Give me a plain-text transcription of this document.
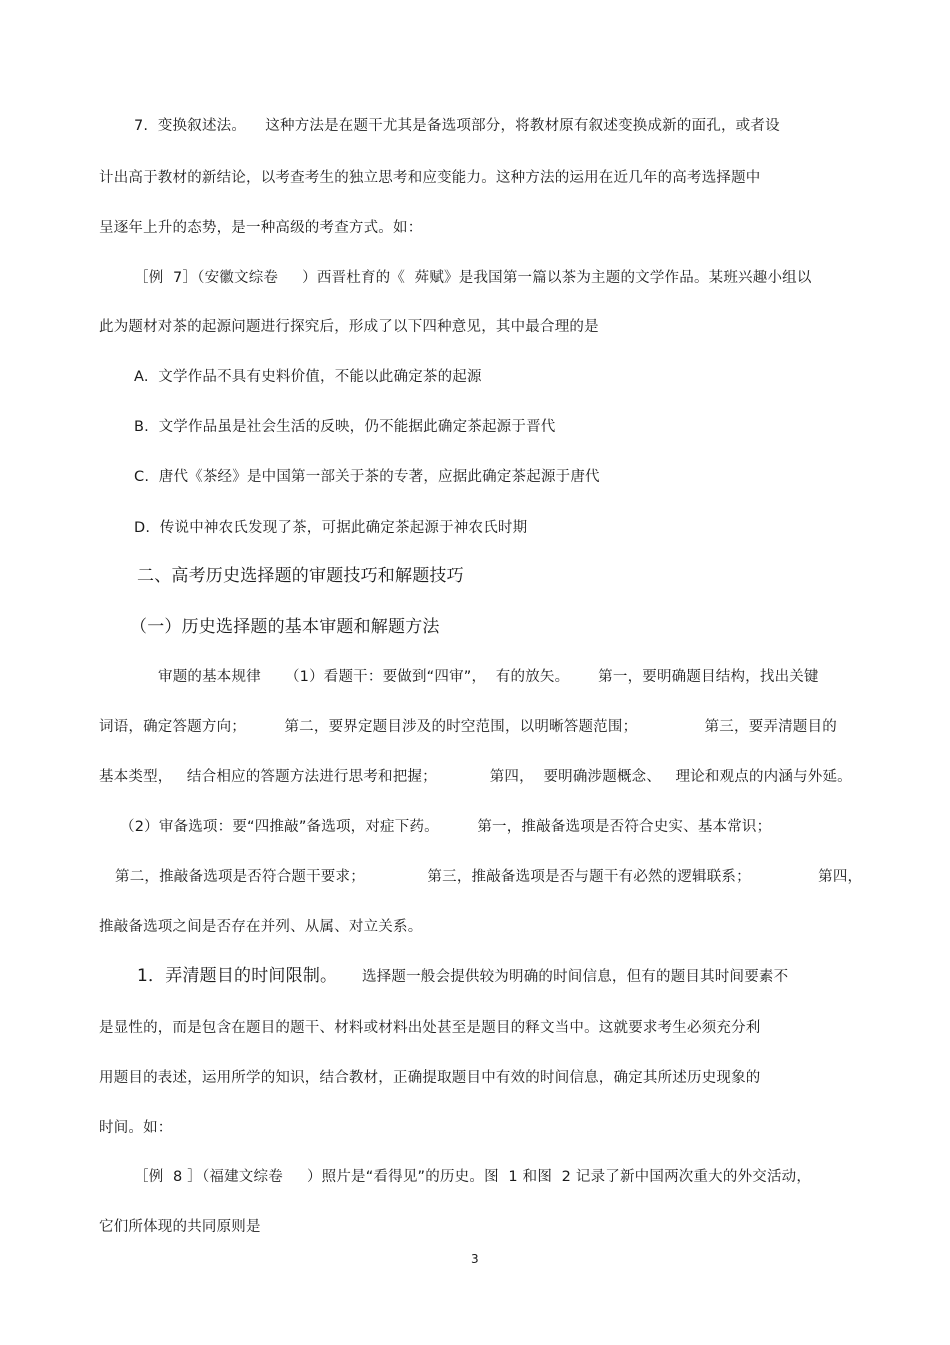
7.  变换叙述法。    这种方法是在题干尤其是备选项部分，将教材原有叙述变换成新的面孔，或者设
计出高于教材的新结论，以考查考生的独立思考和应变能力。这种方法的运用在近几年的高考选择题中
呈逐年上升的态势，是一种高级的考查方式。如：
［例  7］（安徽文综卷     ）西晋杜育的《  荈赋》是我国第一篇以茶为主题的文学作品。某班兴趣小组以
此为题材对茶的起源问题进行探究后，形成了以下四种意见，其中最合理的是
A.  文学作品不具有史料价值，不能以此确定茶的起源
B.  文学作品虽是社会生活的反映，仍不能据此确定茶起源于晋代
C.  唐代《茶经》是中国第一部关于茶的专著，应据此确定茶起源于唐代
D.  传说中神农氏发现了茶，可据此确定茶起源于神农氏时期
二、高考历史选择题的审题技巧和解题技巧
（一）历史选择题的基本审题和解题方法
审题的基本规律     （1）看题干：要做到“四审”，  有的放矢。      第一，要明确题目结构，找出关键
词语，确定答题方向；        第二，要界定题目涉及的时空范围，以明晰答题范围；              第三，要弄清题目的
基本类型，   结合相应的答题方法进行思考和把握；           第四，  要明确涉题概念、   理论和观点的内涵与外延。
（2）审备选项：要“四推敲”备选项，对症下药。        第一，推敲备选项是否符合史实、基本常识；
第二，推敲备选项是否符合题干要求；             第三，推敲备选项是否与题干有必然的逻辑联系；              第四，
推敲备选项之间是否存在并列、从属、对立关系。
1．弄清题目的时间限制。 选择题一般会提供较为明确的时间信息，但有的题目其时间要素不
是显性的，而是包含在题目的题干、材料或材料出处甚至是题目的释文当中。这就要求考生必须充分利
用题目的表述，运用所学的知识，结合教材，正确提取题目中有效的时间信息，确定其所述历史现象的
时间。如：
［例  8 ］（福建文综卷     ）照片是“看得见”的历史。图  1 和图  2 记录了新中国两次重大的外交活动，
它们所体现的共同原则是
3
